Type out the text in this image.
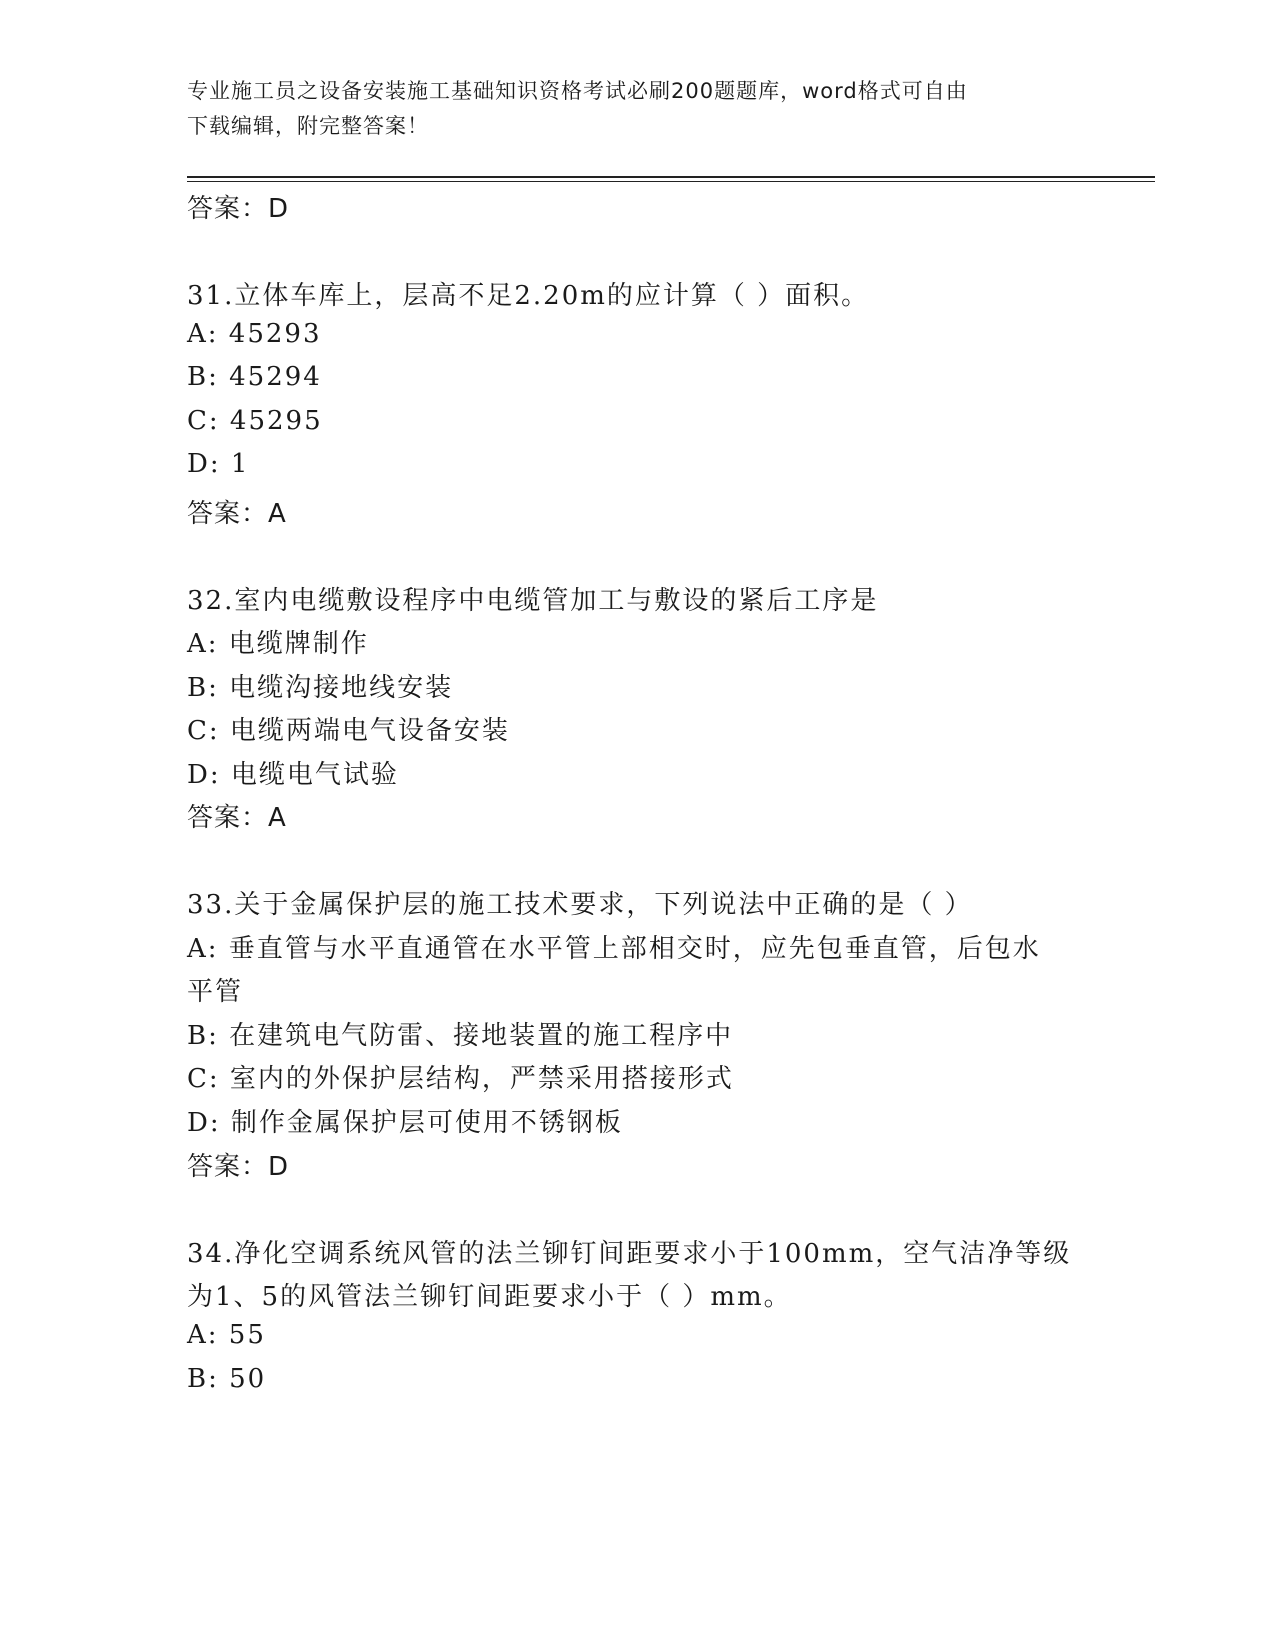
专业施工员之设备安装施工基础知识资格考试必刷200题题库，word格式可自由
下载编辑，附完整答案！
答案：D
31.立体车库上，层高不足2.20m的应计算（ ）面积。
A: 45293
B: 45294
C: 45295
D: 1
答案：A
32.室内电缆敷设程序中电缆管加工与敷设的紧后工序是
A: 电缆牌制作
B: 电缆沟接地线安装
C: 电缆两端电气设备安装
D: 电缆电气试验
答案：A
33.关于金属保护层的施工技术要求，下列说法中正确的是（ ）
A: 垂直管与水平直通管在水平管上部相交时，应先包垂直管，后包水
平管
B: 在建筑电气防雷、接地装置的施工程序中
C: 室内的外保护层结构，严禁采用搭接形式
D: 制作金属保护层可使用不锈钢板
答案：D
34.净化空调系统风管的法兰铆钉间距要求小于100mm，空气洁净等级
为1、5的风管法兰铆钉间距要求小于（ ）mm。
A: 55
B: 50
